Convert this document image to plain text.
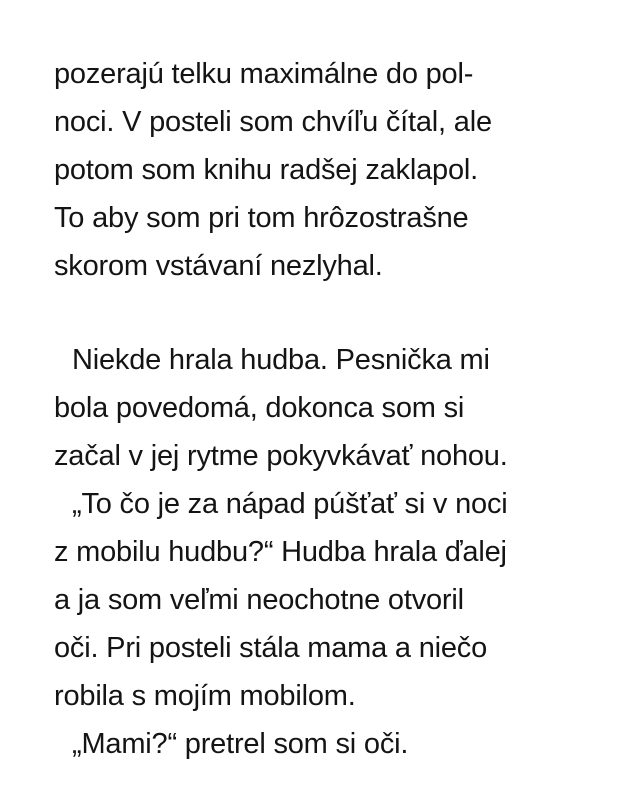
pozerajú telku maximálne do pol-
noci. V posteli som chvíľu čítal, ale
potom som knihu radšej zaklapol.
To aby som pri tom hrôzostrašne
skorom vstávaní nezlyhal.
Niekde hrala hudba. Pesnička mi
bola povedomá, dokonca som si
začal v jej rytme pokyvkávať nohou.
„To čo je za nápad púšťať si v noci
z mobilu hudbu?“ Hudba hrala ďalej
a ja som veľmi neochotne otvoril
oči. Pri posteli stála mama a niečo
robila s mojím mobilom.
„Mami?“ pretrel som si oči.
